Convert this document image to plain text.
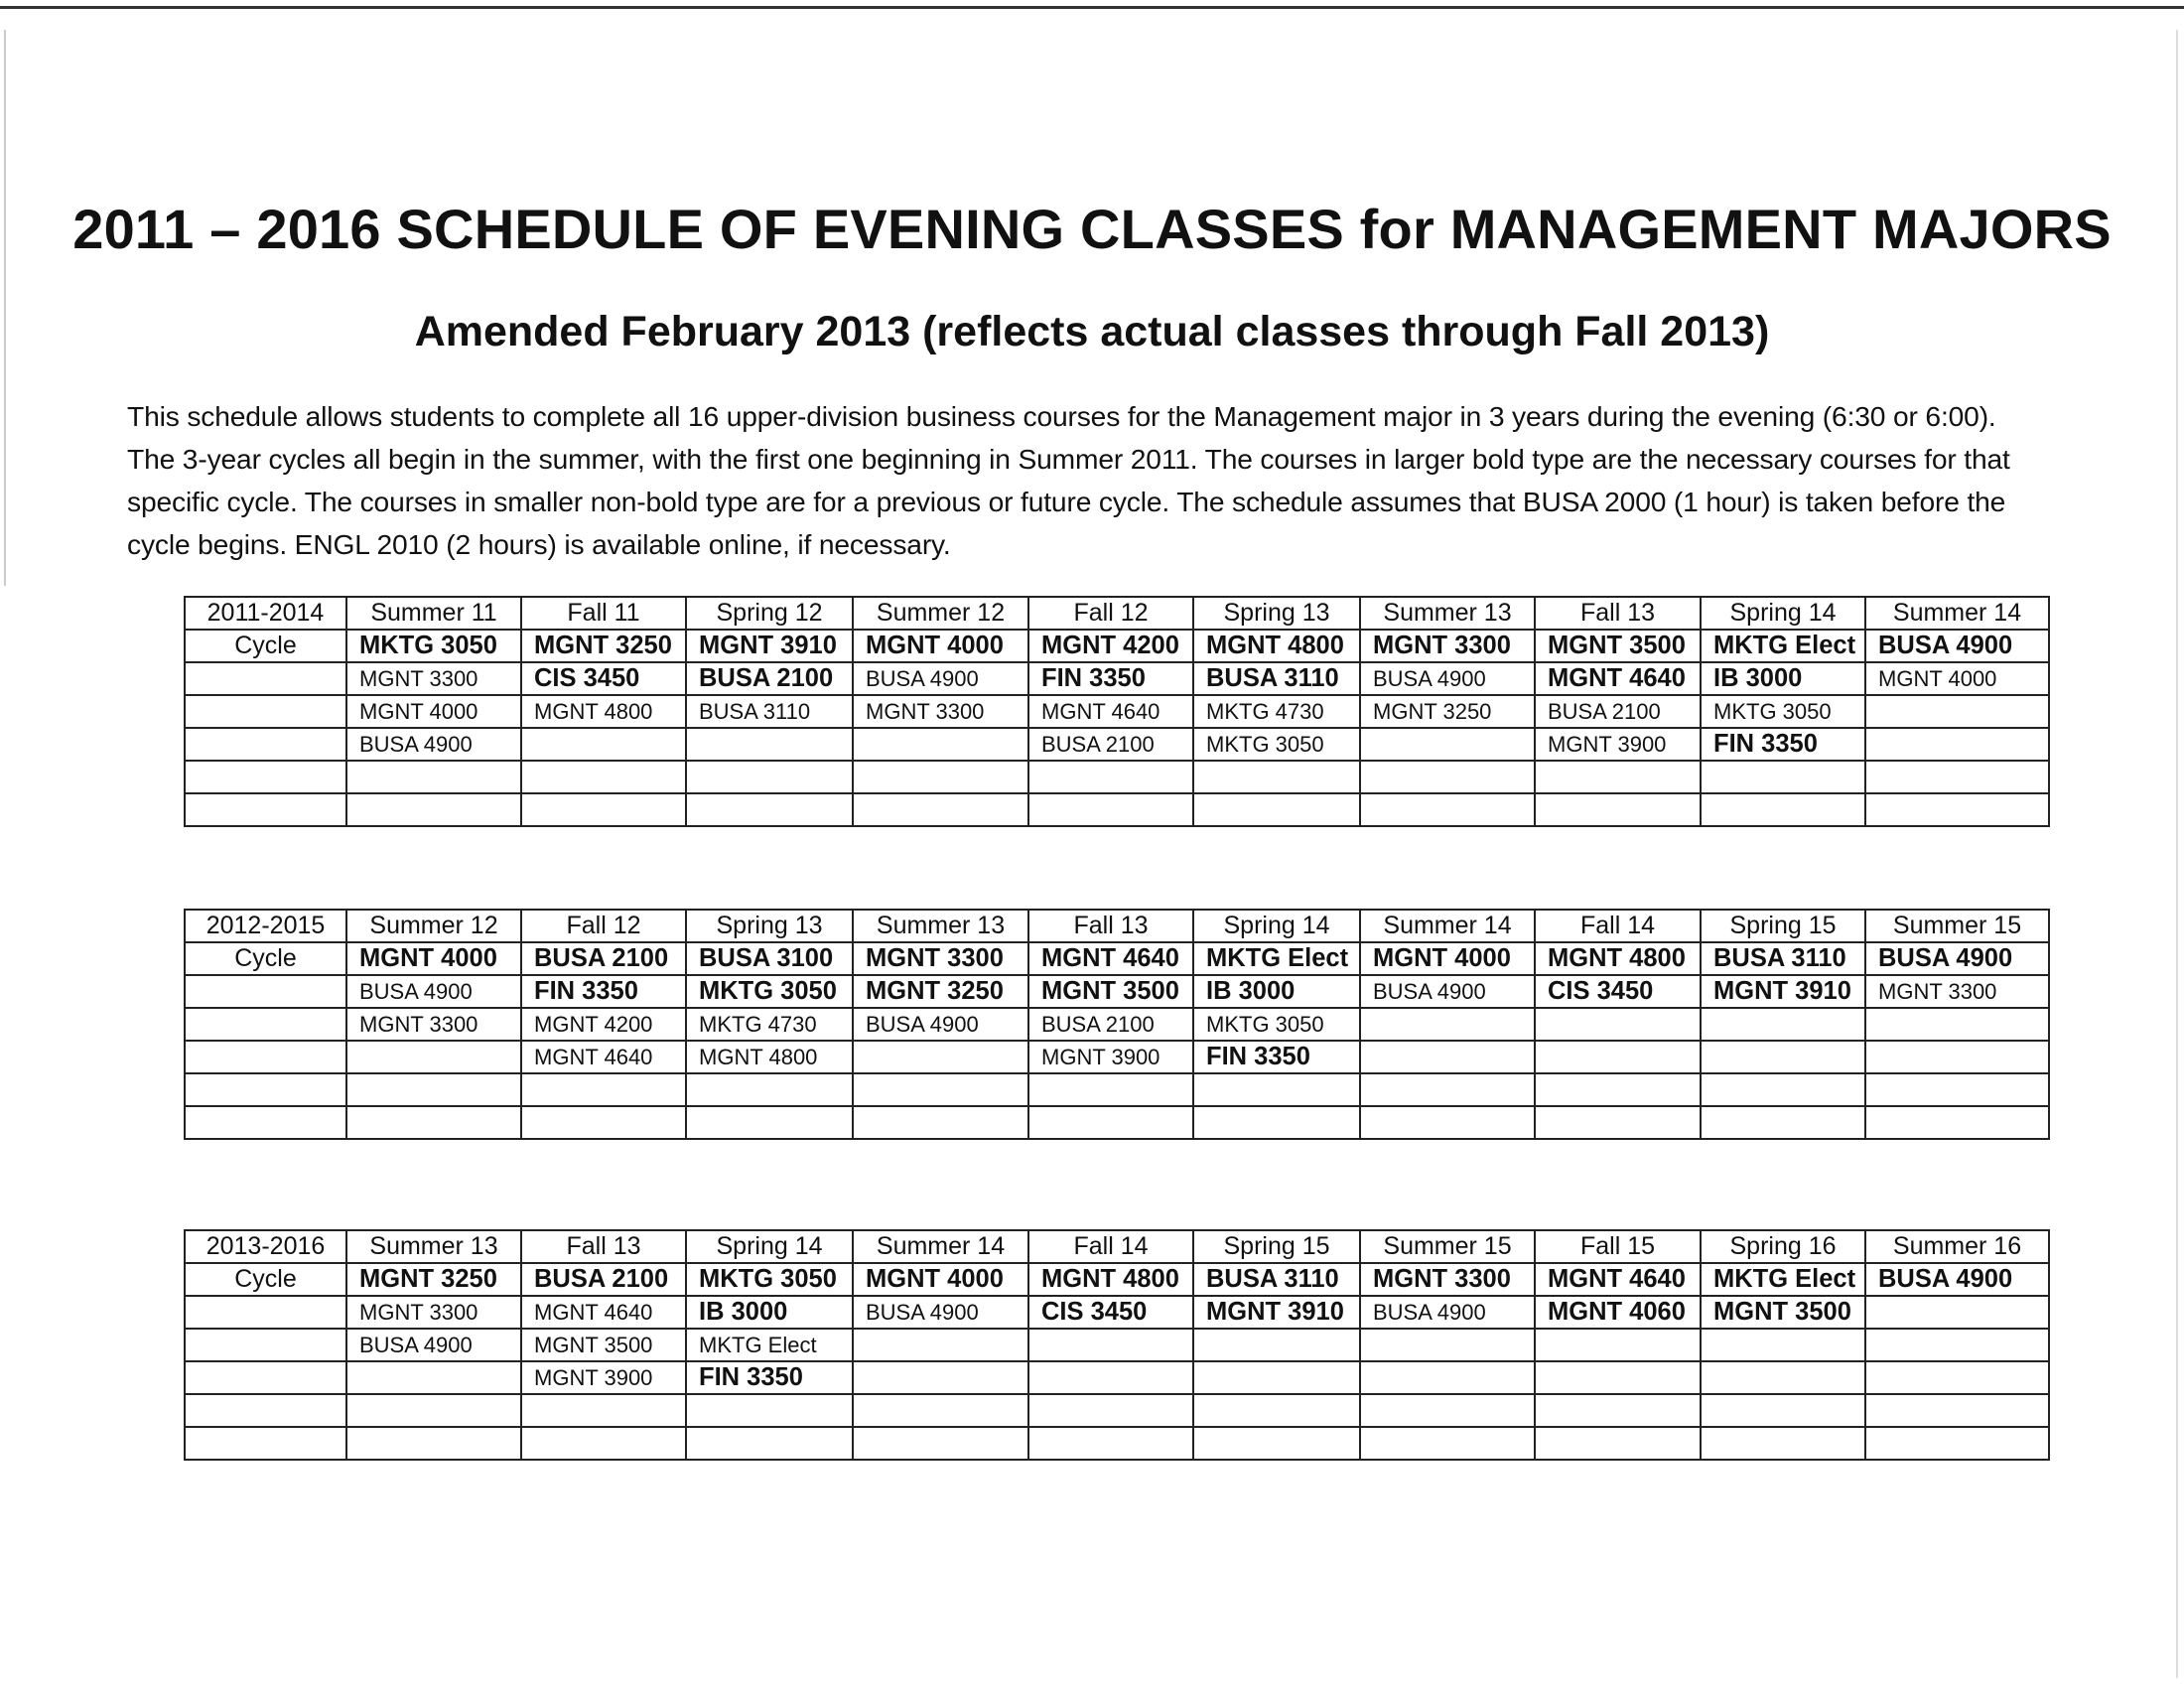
2011 – 2016 SCHEDULE OF EVENING CLASSES for MANAGEMENT MAJORS
Amended February 2013 (reflects actual classes through Fall 2013)

This schedule allows students to complete all 16 upper-division business courses for the Management major in 3 years during the evening (6:30 or 6:00).
The 3-year cycles all begin in the summer, with the first one beginning in Summer 2011. The courses in larger bold type are the necessary courses for that
specific cycle. The courses in smaller non-bold type are for a previous or future cycle. The schedule assumes that BUSA 2000 (1 hour) is taken before the
cycle begins. ENGL 2010 (2 hours) is available online, if necessary.

2011-2014	Summer 11	Fall 11	Spring 12	Summer 12	Fall 12	Spring 13	Summer 13	Fall 13	Spring 14	Summer 14
Cycle	MKTG 3050	MGNT 3250	MGNT 3910	MGNT 4000	MGNT 4200	MGNT 4800	MGNT 3300	MGNT 3500	MKTG Elect	BUSA 4900
	MGNT 3300	CIS 3450	BUSA 2100	BUSA 4900	FIN 3350	BUSA 3110	BUSA 4900	MGNT 4640	IB 3000	MGNT 4000
	MGNT 4000	MGNT 4800	BUSA 3110	MGNT 3300	MGNT 4640	MKTG 4730	MGNT 3250	BUSA 2100	MKTG 3050	
	BUSA 4900				BUSA 2100	MKTG 3050		MGNT 3900	FIN 3350	

2012-2015	Summer 12	Fall 12	Spring 13	Summer 13	Fall 13	Spring 14	Summer 14	Fall 14	Spring 15	Summer 15
Cycle	MGNT 4000	BUSA 2100	BUSA 3100	MGNT 3300	MGNT 4640	MKTG Elect	MGNT 4000	MGNT 4800	BUSA 3110	BUSA 4900
	BUSA 4900	FIN 3350	MKTG 3050	MGNT 3250	MGNT 3500	IB 3000	BUSA 4900	CIS 3450	MGNT 3910	MGNT 3300
	MGNT 3300	MGNT 4200	MKTG 4730	BUSA 4900	BUSA 2100	MKTG 3050				
		MGNT 4640	MGNT 4800		MGNT 3900	FIN 3350				

2013-2016	Summer 13	Fall 13	Spring 14	Summer 14	Fall 14	Spring 15	Summer 15	Fall 15	Spring 16	Summer 16
Cycle	MGNT 3250	BUSA 2100	MKTG 3050	MGNT 4000	MGNT 4800	BUSA 3110	MGNT 3300	MGNT 4640	MKTG Elect	BUSA 4900
	MGNT 3300	MGNT 4640	IB 3000	BUSA 4900	CIS 3450	MGNT 3910	BUSA 4900	MGNT 4060	MGNT 3500	
	BUSA 4900	MGNT 3500	MKTG Elect							
		MGNT 3900	FIN 3350							
